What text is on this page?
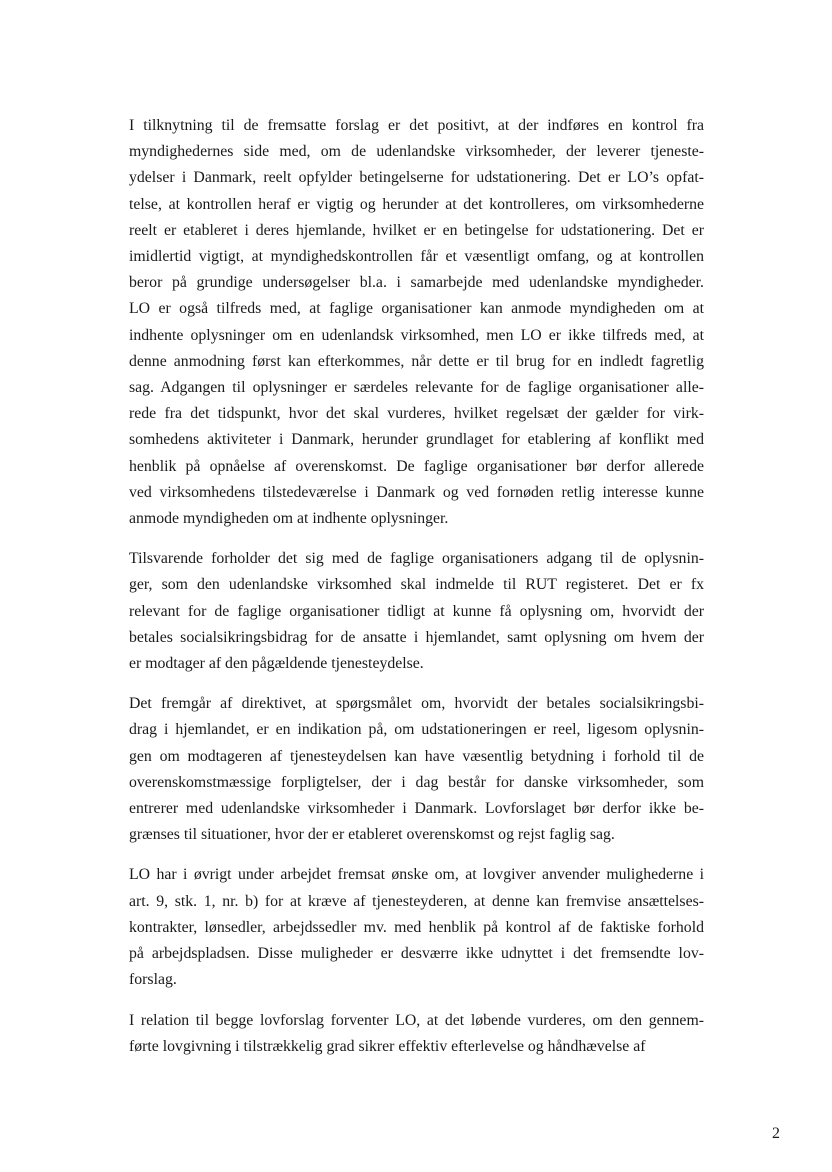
I tilknytning til de fremsatte forslag er det positivt, at der indføres en kontrol fra
myndighedernes side med, om de udenlandske virksomheder, der leverer tjeneste-
ydelser i Danmark, reelt opfylder betingelserne for udstationering. Det er LO’s opfat-
telse, at kontrollen heraf er vigtig og herunder at det kontrolleres, om virksomhederne
reelt er etableret i deres hjemlande, hvilket er en betingelse for udstationering. Det er
imidlertid vigtigt, at myndighedskontrollen får et væsentligt omfang, og at kontrollen
beror på grundige undersøgelser bl.a. i samarbejde med udenlandske myndigheder.
LO er også tilfreds med, at faglige organisationer kan anmode myndigheden om at
indhente oplysninger om en udenlandsk virksomhed, men LO er ikke tilfreds med, at
denne anmodning først kan efterkommes, når dette er til brug for en indledt fagretlig
sag. Adgangen til oplysninger er særdeles relevante for de faglige organisationer alle-
rede fra det tidspunkt, hvor det skal vurderes, hvilket regelsæt der gælder for virk-
somhedens aktiviteter i Danmark, herunder grundlaget for etablering af konflikt med
henblik på opnåelse af overenskomst. De faglige organisationer bør derfor allerede
ved virksomhedens tilstedeværelse i Danmark og ved fornøden retlig interesse kunne
anmode myndigheden om at indhente oplysninger.

Tilsvarende forholder det sig med de faglige organisationers adgang til de oplysnin-
ger, som den udenlandske virksomhed skal indmelde til RUT registeret. Det er fx
relevant for de faglige organisationer tidligt at kunne få oplysning om, hvorvidt der
betales socialsikringsbidrag for de ansatte i hjemlandet, samt oplysning om hvem der
er modtager af den pågældende tjenesteydelse.

Det fremgår af direktivet, at spørgsmålet om, hvorvidt der betales socialsikringsbi-
drag i hjemlandet, er en indikation på, om udstationeringen er reel, ligesom oplysnin-
gen om modtageren af tjenesteydelsen kan have væsentlig betydning i forhold til de
overenskomstmæssige forpligtelser, der i dag består for danske virksomheder, som
entrerer med udenlandske virksomheder i Danmark. Lovforslaget bør derfor ikke be-
grænses til situationer, hvor der er etableret overenskomst og rejst faglig sag.

LO har i øvrigt under arbejdet fremsat ønske om, at lovgiver anvender mulighederne i
art. 9, stk. 1, nr. b) for at kræve af tjenesteyderen, at denne kan fremvise ansættelses-
kontrakter, lønsedler, arbejdssedler mv. med henblik på kontrol af de faktiske forhold
på arbejdspladsen. Disse muligheder er desværre ikke udnyttet i det fremsendte lov-
forslag.

I relation til begge lovforslag forventer LO, at det løbende vurderes, om den gennem-
førte lovgivning i tilstrækkelig grad sikrer effektiv efterlevelse og håndhævelse af

2
